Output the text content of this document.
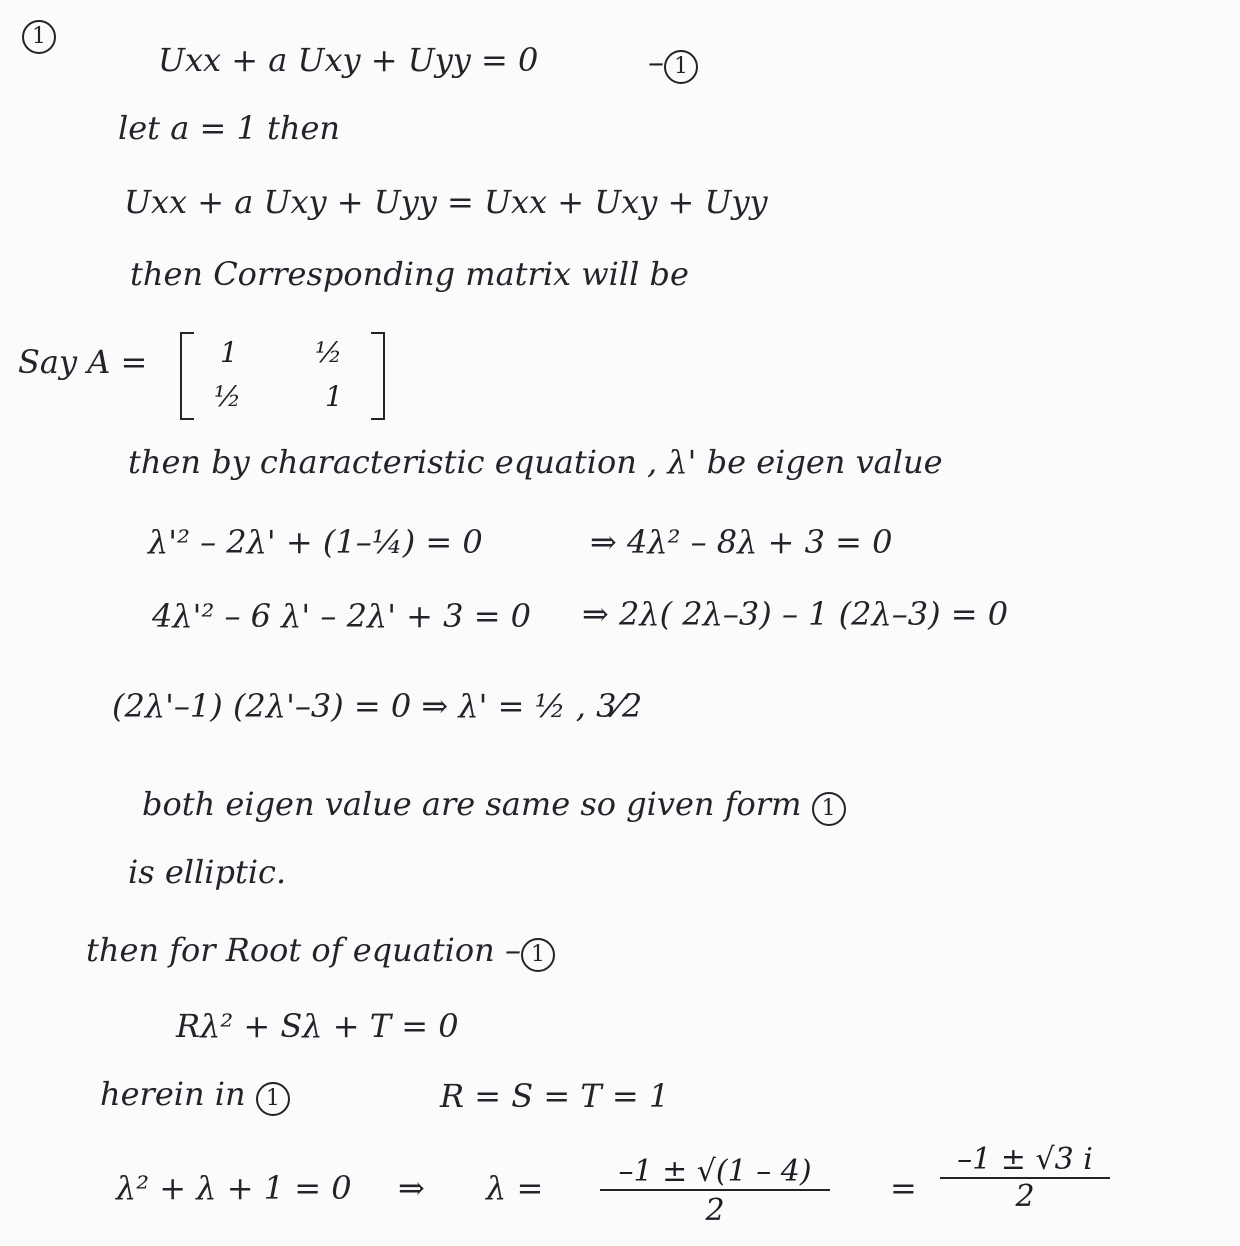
1
Uxx + a Uxy + Uyy = 0	– 1
let a = 1 then
Uxx + a Uxy + Uyy = Uxx + Uxy + Uyy
then Corresponding matrix will be
Say A =	1	½
½	1
then by characteristic equation , λ' be eigen value
λ'² – 2λ' + (1–¼) = 0	⇒ 4λ² – 8λ + 3 = 0
4λ'² – 6 λ' – 2λ' + 3 = 0 ⇒ 2λ( 2λ–3) – 1 (2λ–3) = 0
(2λ'–1) (2λ'–3) = 0 ⇒ λ' = ½ , 3⁄2
both eigen value are same so given form 1
is elliptic.
then for Root of equation – 1
Rλ² + Sλ + T = 0
herein in 1	R = S = T = 1
λ² + λ + 1 = 0 ⇒ λ =	–1 ± √(1 – 4)
2
=
–1 ± √3 i
2
